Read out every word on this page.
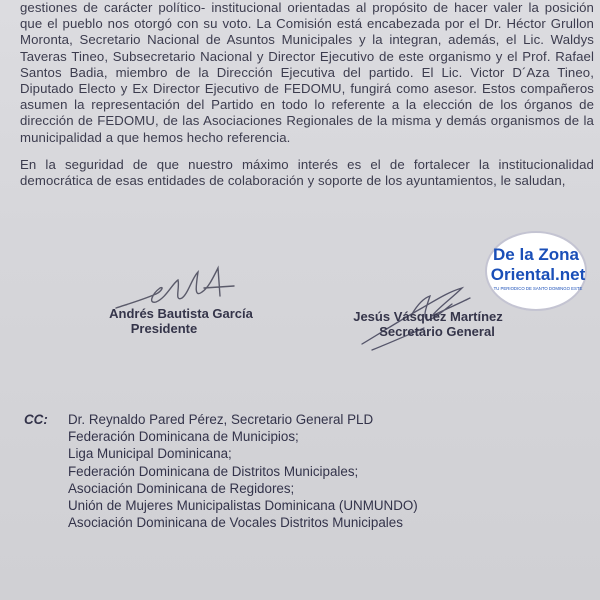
gestiones de carácter político- institucional orientadas al propósito de hacer valer la posición que el pueblo nos otorgó con su voto. La Comisión está encabezada por el Dr. Héctor Grullon Moronta, Secretario Nacional de Asuntos Municipales y la integran, además, el Lic. Waldys Taveras Tineo, Subsecretario Nacional y Director Ejecutivo de este organismo y el Prof. Rafael Santos Badia, miembro de la Dirección Ejecutiva del partido. El Lic. Victor D´Aza Tineo, Diputado Electo y Ex Director Ejecutivo de FEDOMU, fungirá como asesor. Estos compañeros asumen la representación del Partido en todo lo referente a la elección de los órganos de dirección de FEDOMU, de las Asociaciones Regionales de la misma y demás organismos de la municipalidad a que hemos hecho referencia.

En la seguridad de que nuestro máximo interés es el de fortalecer la institucionalidad democrática de esas entidades de colaboración y soporte de los ayuntamientos, le saludan,

Andrés Bautista García
Presidente
Jesús Vásquez Martínez
Secretario General
De la Zona
Oriental.net
TU PERIODICO DE SANTO DOMINGO ESTE
CC: Dr. Reynaldo Pared Pérez, Secretario General PLD
Federación Dominicana de Municipios;
Liga Municipal Dominicana;
Federación Dominicana de Distritos Municipales;
Asociación Dominicana de Regidores;
Unión de Mujeres Municipalistas Dominicana (UNMUNDO)
Asociación Dominicana de Vocales Distritos Municipales
